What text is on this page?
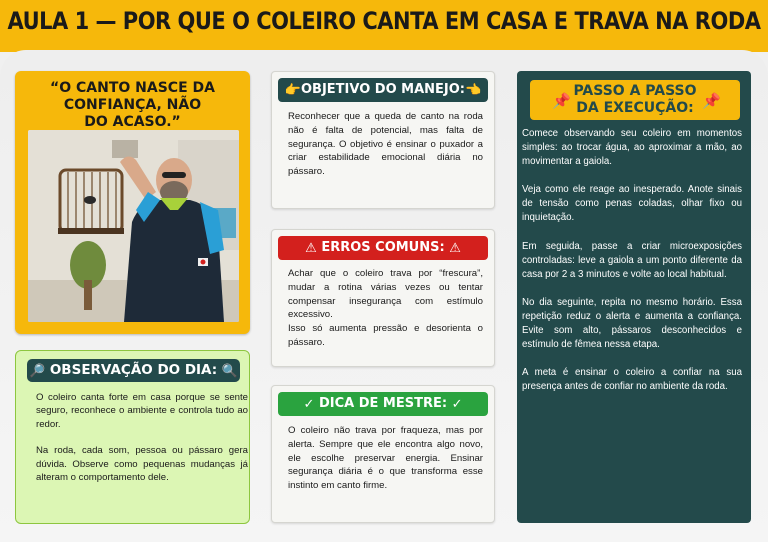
AULA 1 — POR QUE O COLEIRO CANTA EM CASA E TRAVA NA RODA
“O CANTO NASCE DA
CONFIANÇA, NÃO
DO ACASO.”
🔎 OBSERVAÇÃO DO DIA: 🔍

O coleiro canta forte em casa porque se sente seguro, reconhece o ambiente e controla tudo ao redor.

Na roda, cada som, pessoa ou pássaro gera dúvida. Observe como pequenas mudanças já alteram o comportamento dele.

👉OBJETIVO DO MANEJO:👈
Reconhecer que a queda de canto na roda não é falta de potencial, mas falta de segurança. O objetivo é ensinar o puxador a criar estabilidade emocional diária no pássaro.
⚠ ERROS COMUNS: ⚠
Achar que o coleiro trava por “frescura”, mudar a rotina várias vezes ou tentar compensar insegurança com estímulo excessivo.
Isso só aumenta pressão e desorienta o pássaro.
✓ DICA DE MESTRE: ✓
O coleiro não trava por fraqueza, mas por alerta. Sempre que ele encontra algo novo, ele escolhe preservar energia. Ensinar segurança diária é o que transforma esse instinto em canto firme.
📌
PASSO A PASSO
DA EXECUÇÃO: 📌

Comece observando seu coleiro em momentos simples: ao trocar água, ao aproximar a mão, ao movimentar a gaiola.

Veja como ele reage ao inesperado. Anote sinais de tensão como penas coladas, olhar fixo ou inquietação.

Em seguida, passe a criar microexposições controladas: leve a gaiola a um ponto diferente da casa por 2 a 3 minutos e volte ao local habitual.

No dia seguinte, repita no mesmo horário. Essa repetição reduz o alerta e aumenta a confiança. Evite som alto, pássaros desconhecidos e estímulo de fêmea nessa etapa.

A meta é ensinar o coleiro a confiar na sua presença antes de confiar no ambiente da roda.
